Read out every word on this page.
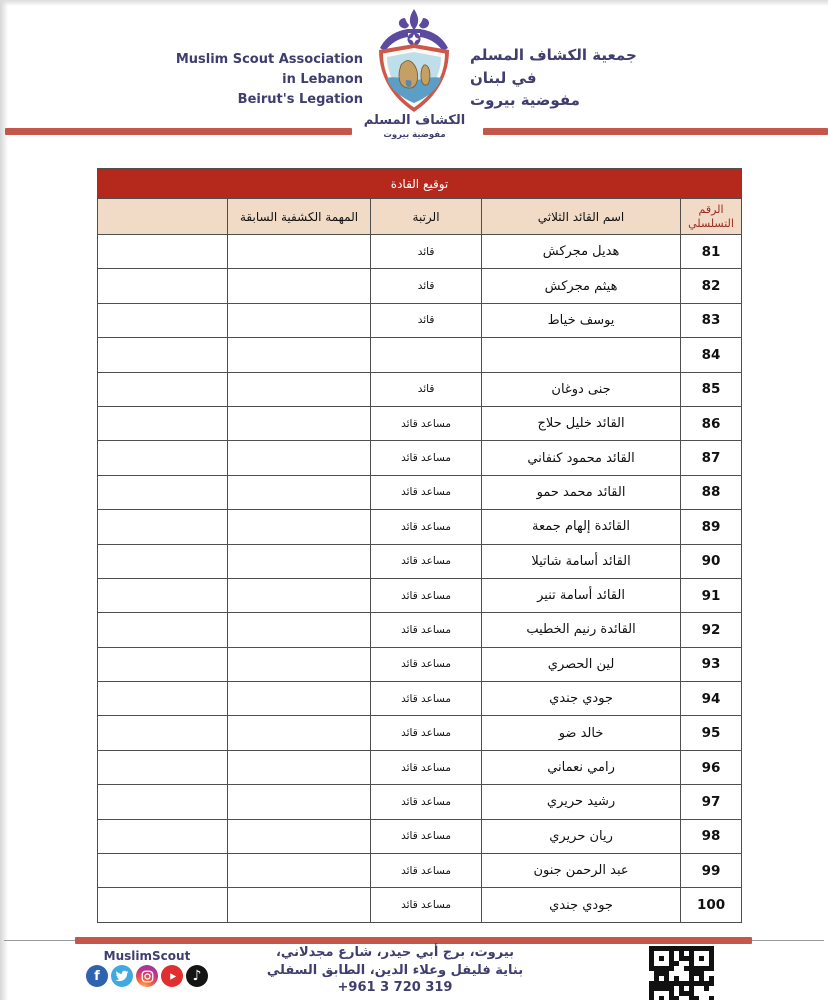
Muslim Scout Association
in Lebanon
Beirut's Legation
الكشاف المسلم
مفوضية بيروت
جمعية الكشاف المسلم
في لبنان
مفوضية بيروت
توقيع القادة				
الرقم التسلسلي	اسم القائد الثلاثي	الرتبة	المهمة الكشفية السابقة	
81	هديل مجركش	قائد		
82	هيثم مجركش	قائد		
83	يوسف خياط	قائد		
84				
85	جنى دوغان	قائد		
86	القائد خليل حلاج	مساعد قائد		
87	القائد محمود كنفاني	مساعد قائد		
88	القائد محمد حمو	مساعد قائد		
89	القائدة إلهام جمعة	مساعد قائد		
90	القائد أسامة شاتيلا	مساعد قائد		
91	القائد أسامة تنير	مساعد قائد		
92	القائدة رنيم الخطيب	مساعد قائد		
93	لين الحصري	مساعد قائد		
94	جودي جندي	مساعد قائد		
95	خالد ضو	مساعد قائد		
96	رامي نعماني	مساعد قائد		
97	رشيد حريري	مساعد قائد		
98	ريان حريري	مساعد قائد		
99	عبد الرحمن جنون	مساعد قائد		
100	جودي جندي	مساعد قائد		
MuslimScout
f	♪
بيروت، برج أبي حيدر، شارع مجدلاني،
بناية فليفل وعلاء الدين، الطابق السفلي
+961 3 720 319
